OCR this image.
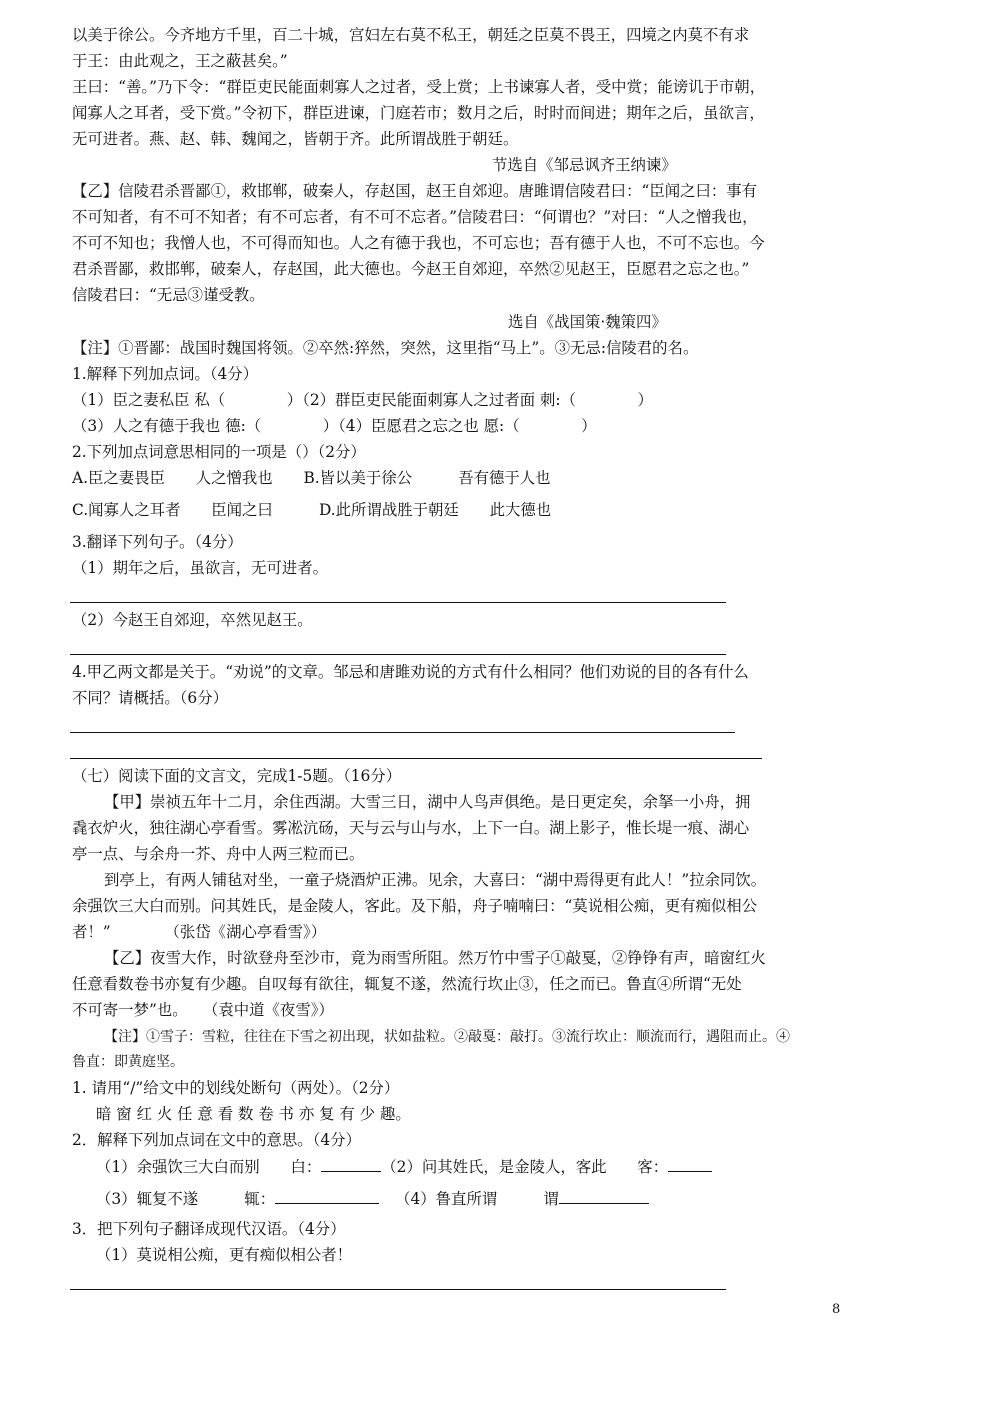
以美于徐公。今齐地方千里，百二十城，宫妇左右莫不私王，朝廷之臣莫不畏王，四境之内莫不有求
于王：由此观之，王之蔽甚矣。”
王曰：“善。”乃下令：“群臣吏民能面刺寡人之过者，受上赏；上书谏寡人者，受中赏；能谤讥于市朝，
闻寡人之耳者，受下赏。”令初下，群臣进谏，门庭若市；数月之后，时时而间进；期年之后，虽欲言，
无可进者。燕、赵、韩、魏闻之，皆朝于齐。此所谓战胜于朝廷。
节选自《邹忌讽齐王纳谏》
【乙】信陵君杀晋鄙①，救邯郸，破秦人，存赵国，赵王自郊迎。唐雎谓信陵君曰：“臣闻之曰：事有
不可知者，有不可不知者；有不可忘者，有不可不忘者。”信陵君曰：“何谓也？”对曰：“人之憎我也，
不可不知也；我憎人也，不可得而知也。人之有德于我也，不可忘也；吾有德于人也，不可不忘也。今
君杀晋鄙，救邯郸，破秦人，存赵国，此大德也。今赵王自郊迎，卒然②见赵王，臣愿君之忘之也。”
信陵君曰：“无忌③谨受教。
选自《战国策·魏策四》
【注】①晋鄙：战国时魏国将领。②卒然:猝然，突然，这里指“马上”。③无忌:信陵君的名。
1.解释下列加点词。（4分）
（1）臣之妻私臣 私（　　　　）（2）群臣吏民能面刺寡人之过者面 刺:（　　　　）
（3）人之有德于我也 德:（　　　　）（4）臣愿君之忘之也 愿:（　　　　）
2.下列加点词意思相同的一项是（）（2分）
A.臣之妻畏臣　　人之憎我也　　B.皆以美于徐公　　　吾有德于人也
C.闻寡人之耳者　　臣闻之曰　　　D.此所谓战胜于朝廷　　此大德也
3.翻译下列句子。（4分）
（1）期年之后，虽欲言，无可进者。
（2）今赵王自郊迎，卒然见赵王。
4.甲乙两文都是关于。“劝说”的文章。邹忌和唐雎劝说的方式有什么相同？他们劝说的目的各有什么
不同？请概括。（6分）
（七）阅读下面的文言文，完成1-5题。（16分）
【甲】崇祯五年十二月，余住西湖。大雪三日，湖中人鸟声俱绝。是日更定矣，余拏一小舟，拥
毳衣炉火，独往湖心亭看雪。雾凇沆砀，天与云与山与水，上下一白。湖上影子，惟长堤一痕、湖心
亭一点、与余舟一芥、舟中人两三粒而已。
到亭上，有两人铺毡对坐，一童子烧酒炉正沸。见余，大喜曰：“湖中焉得更有此人！”拉余同饮。
余强饮三大白而别。问其姓氏，是金陵人，客此。及下船，舟子喃喃曰：“莫说相公痴，更有痴似相公
者！”　　　　（张岱《湖心亭看雪》）
【乙】夜雪大作，时欲登舟至沙市，竟为雨雪所阻。然万竹中雪子①敲戛，②铮铮有声，暗窗红火
任意看数卷书亦复有少趣。自叹每有欲往，辄复不遂，然流行坎止③，任之而已。鲁直④所谓“无处
不可寄一梦”也。　　（袁中道《夜雪》）
【注】①雪子：雪粒，往往在下雪之初出现，状如盐粒。②敲戛：敲打。③流行坎止：顺流而行，遇阻而止。④
鲁直：即黄庭坚。
1. 请用“/”给文中的划线处断句（两处）。（2分）
暗 窗 红 火 任 意 看 数 卷 书 亦 复 有 少 趣。
2．解释下列加点词在文中的意思。（4分）
（1）余强饮三大白而别　　白：	（2）问其姓氏，是金陵人，客此　　客：
（3）辄复不遂　　　辄：	（4）鲁直所谓　　　谓
3．把下列句子翻译成现代汉语。（4分）
（1）莫说相公痴，更有痴似相公者！
8
